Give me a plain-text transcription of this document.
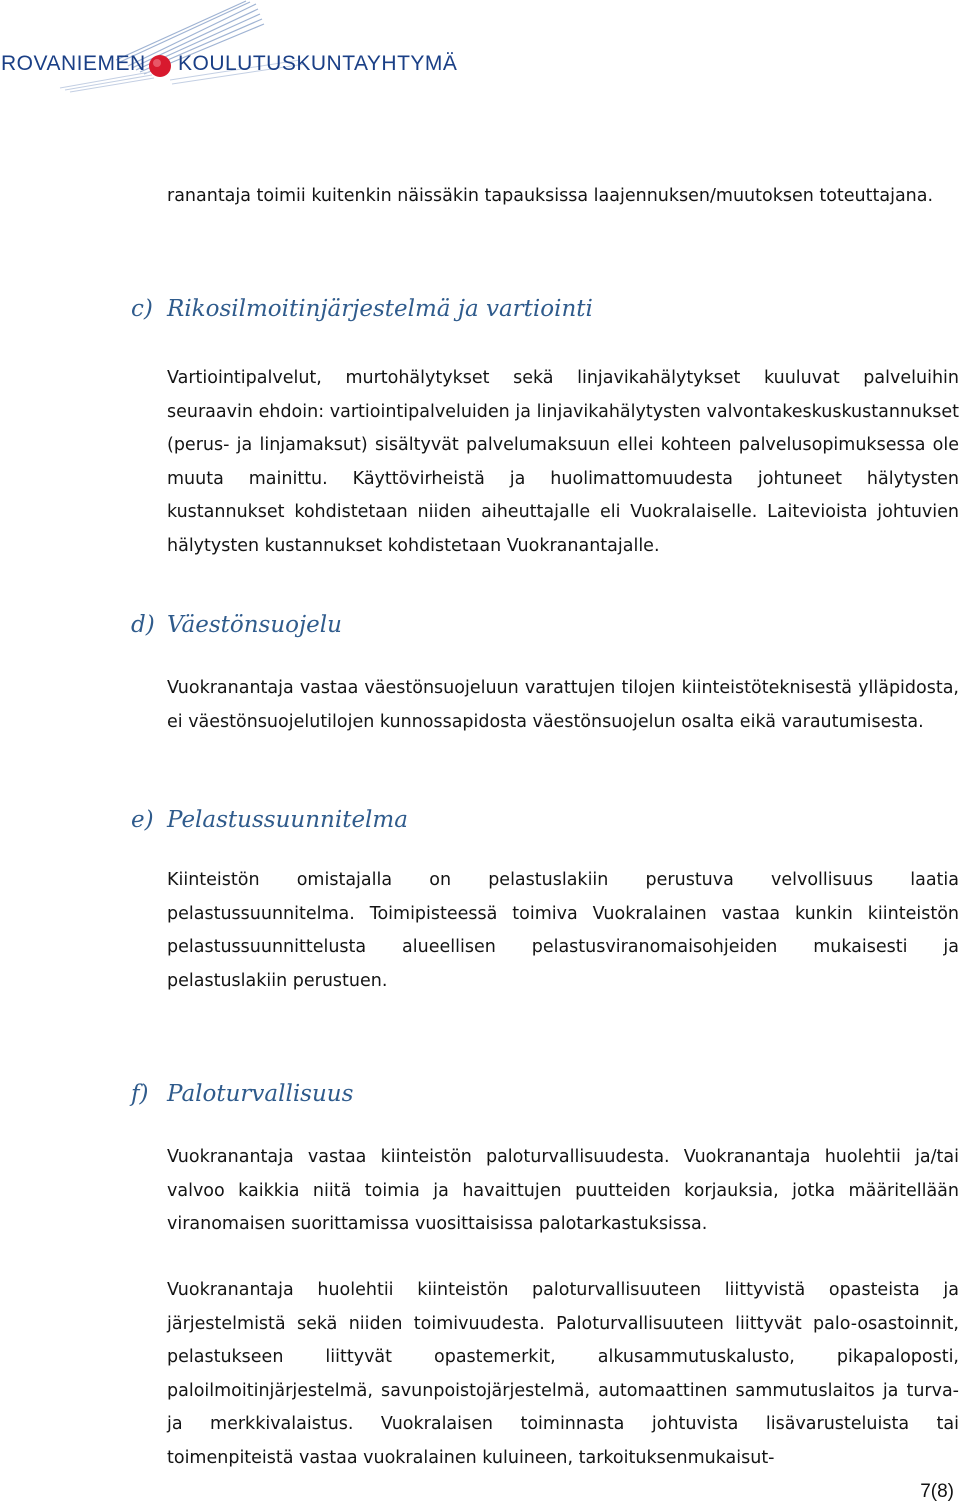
ROVANIEMEN KOULUTUSKUNTAYHTYMÄ

ranantaja toimii kuitenkin näissäkin tapauksissa laajennuksen/muutoksen toteuttajana.

c) Rikosilmoitinjärjestelmä ja vartiointi

Vartiointipalvelut, murtohälytykset sekä linjavikahälytykset kuuluvat palveluihin seuraavin ehdoin: vartiointipalveluiden ja linjavikahälytysten valvontakeskuskustannukset (perus- ja linjamaksut) sisältyvät palvelumaksuun ellei kohteen palvelusopimuksessa ole muuta mainittu. Käyttövirheistä ja huolimattomuudesta johtuneet hälytysten kustannukset kohdistetaan niiden aiheuttajalle eli Vuokralaiselle. Laitevioista johtuvien hälytysten kustannukset kohdistetaan Vuokranantajalle.

d) Väestönsuojelu

Vuokranantaja vastaa väestönsuojeluun varattujen tilojen kiinteistöteknisestä ylläpidosta, ei väestönsuojelutilojen kunnossapidosta väestönsuojelun osalta eikä varautumisesta.

e) Pelastussuunnitelma

Kiinteistön omistajalla on pelastuslakiin perustuva velvollisuus laatia pelastussuunnitelma. Toimipisteessä toimiva Vuokralainen vastaa kunkin kiinteistön pelastussuunnittelusta alueellisen pelastusviranomaisohjeiden mukaisesti ja pelastuslakiin perustuen.

f) Paloturvallisuus

Vuokranantaja vastaa kiinteistön paloturvallisuudesta. Vuokranantaja huolehtii ja/tai valvoo kaikkia niitä toimia ja havaittujen puutteiden korjauksia, jotka määritellään viranomaisen suorittamissa vuosittaisissa palotarkastuksissa.

Vuokranantaja huolehtii kiinteistön paloturvallisuuteen liittyvistä opasteista ja järjestelmistä sekä niiden toimivuudesta. Paloturvallisuuteen liittyvät palo-osastoinnit, pelastukseen liittyvät opastemerkit, alkusammutuskalusto, pikapaloposti, paloilmoitinjärjestelmä, savunpoistojärjestelmä, automaattinen sammutuslaitos ja turva- ja merkkivalaistus. Vuokralaisen toiminnasta johtuvista lisävarusteluista tai toimenpiteistä vastaa vuokralainen kuluineen, tarkoituksenmukaisut-

7(8)
